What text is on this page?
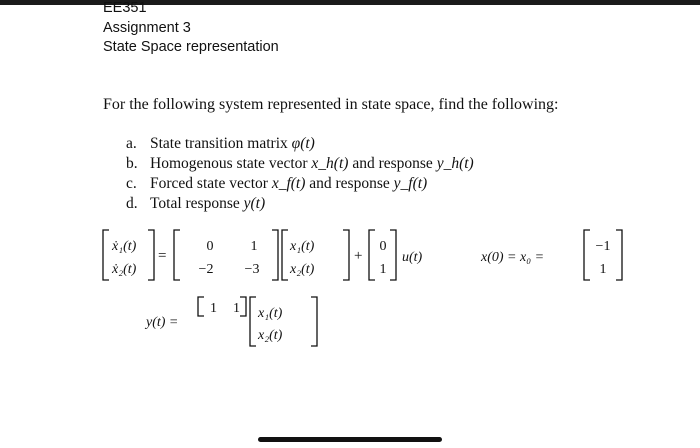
EE351
Assignment 3
State Space representation
For the following system represented in state space, find the following:
a. State transition matrix φ(t)
b. Homogenous state vector x_h(t) and response y_h(t)
c. Forced state vector x_f(t) and response y_f(t)
d. Total response y(t)
ẋ₁(t)
ẋ₂(t)
=
0	1
−2 −3
x₁(t)
x₂(t)
+
0
1
u(t)	x(0) = x₀ =
−1
1
y(t) =
1 1 x₁(t)
x₂(t)
